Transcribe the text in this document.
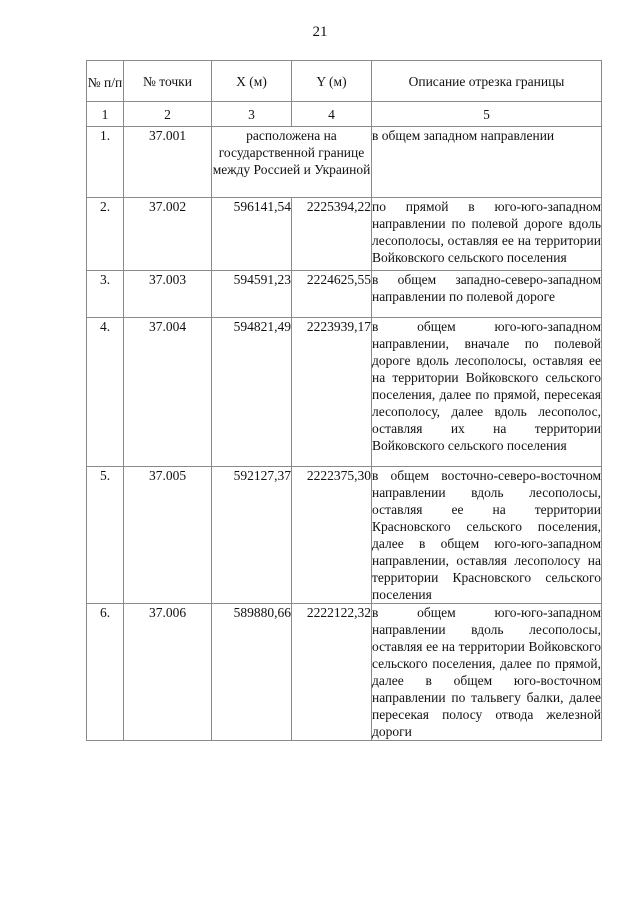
21
№ п/п	№ точки	X (м)	Y (м)	Описание отрезка границы
1	2	3	4	5
1.	37.001	расположена на государственной границе между Россией и Украиной		в общем западном направлении
2.	37.002	596141,54	2225394,22	по прямой в юго-юго-западном направлении по полевой дороге вдоль лесополосы, оставляя ее на территории Войковского сельского поселения
3.	37.003	594591,23	2224625,55	в общем западно-северо-западном направлении по полевой дороге
4.	37.004	594821,49	2223939,17	в общем юго-юго-западном направлении, вначале по полевой дороге вдоль лесополосы, оставляя ее на территории Войковского сельского поселения, далее по прямой, пересекая лесополосу, далее вдоль лесополос, оставляя их на территории Войковского сельского поселения
5.	37.005	592127,37	2222375,30	в общем восточно-северо-восточном направлении вдоль лесополосы, оставляя ее на территории Красновского сельского поселения, далее в общем юго-юго-западном направлении, оставляя лесополосу на территории Красновского сельского поселения
6.	37.006	589880,66	2222122,32	в общем юго-юго-западном направлении вдоль лесополосы, оставляя ее на территории Войковского сельского поселения, далее по прямой, далее в общем юго-восточном направлении по тальвегу балки, далее пересекая полосу отвода железной дороги
